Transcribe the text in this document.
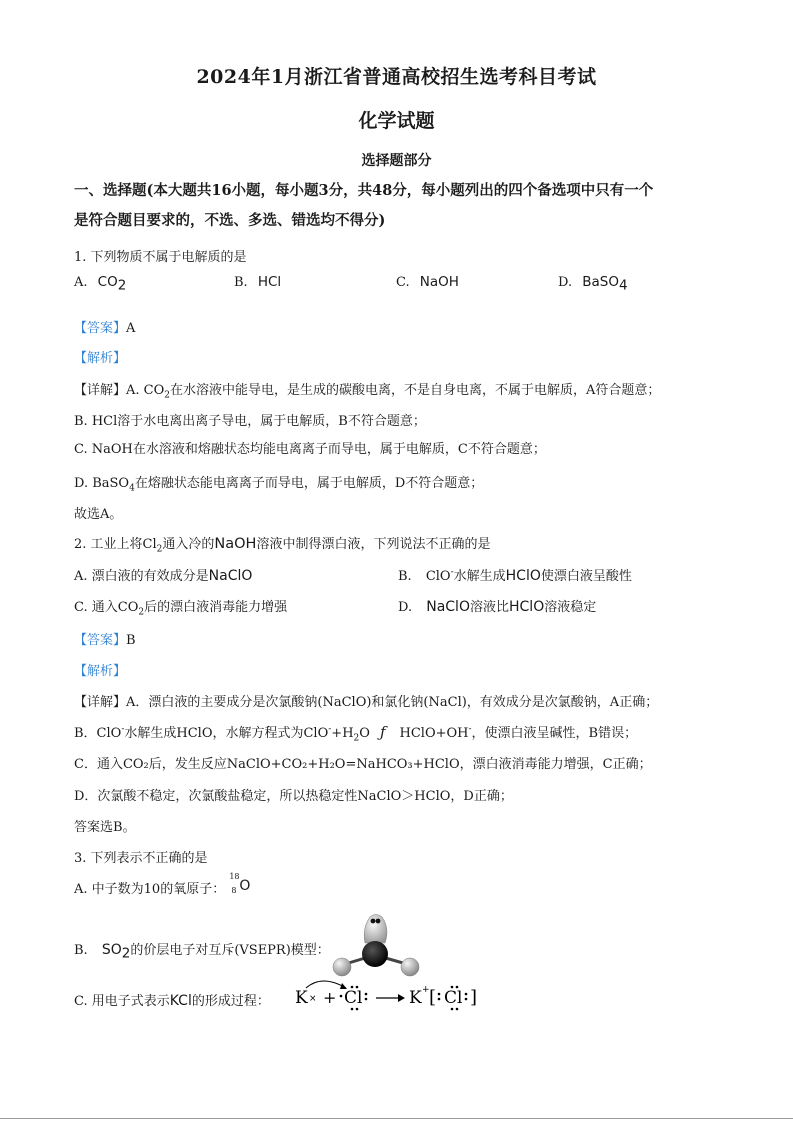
2024年1月浙江省普通高校招生选考科目考试
化学试题
选择题部分
一、选择题(本大题共16小题，每小题3分，共48分，每小题列出的四个备选项中只有一个
是符合题目要求的，不选、多选、错选均不得分)
1. 下列物质不属于电解质的是
A. $CO_2$	B. HCl	C. NaOH	D. BaSO$_4$
【答案】A
【解析】
【详解】A. $CO_2$在水溶液中能导电，是生成的碳酸电离，不是自身电离，不属于电解质，A符合题意；
B. HCl溶于水电离出离子导电，属于电解质，B不符合题意；
C. NaOH在水溶液和熔融状态均能电离离子而导电，属于电解质，C不符合题意；
D. BaSO$_4$在熔融状态能电离离子而导电，属于电解质，D不符合题意；
故选A。
2. 工业上将$Cl_2$通入冷的NaOH溶液中制得漂白液，下列说法不正确的是
A. 漂白液的有效成分是NaClO	B. ClO-水解生成HClO使漂白液呈酸性
C. 通入$CO_2$后的漂白液消毒能力增强	D. NaClO溶液比HClO溶液稳定
【答案】B
【解析】
【详解】A．漂白液的主要成分是次氯酸钠(NaClO)和氯化钠(NaCl)，有效成分是次氯酸钠，A正确；
B．ClO-水解生成HClO，水解方程式为$ClO^-+H_2O$ ƒ HClO+OH-，使漂白液呈碱性，B错误；
C．通入CO₂后，发生反应NaClO+CO₂+H₂O=NaHCO₃+HClO，漂白液消毒能力增强，C正确；
D．次氯酸不稳定，次氯酸盐稳定，所以热稳定性NaClO＞HClO，D正确；
答案选B。
3. 下列表示不正确的是
A. 中子数为10的氧原子：
18
8 O
B. $SO_2$的价层电子对互斥(VSEPR)模型：
C. 用电子式表示KCl的形成过程： K × + Cl	K + [ Cl ]
